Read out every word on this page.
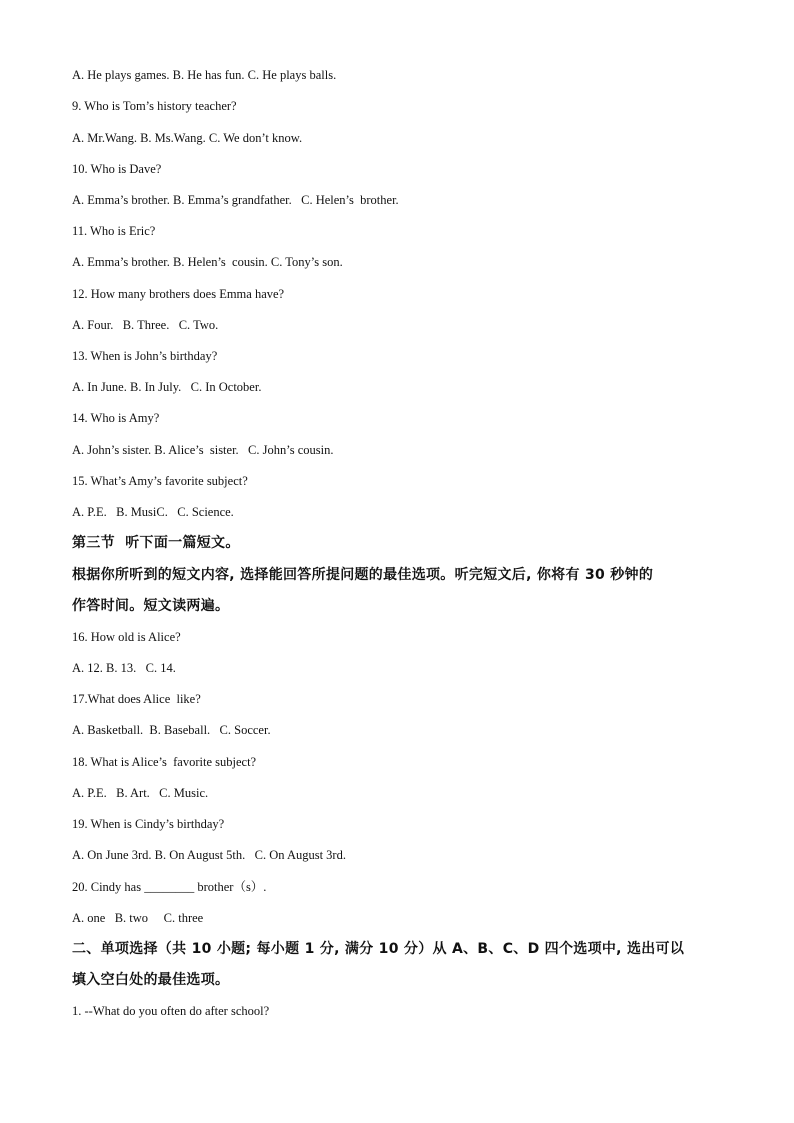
A. He plays games. B. He has fun. C. He plays balls.
9. Who is Tom’s history teacher?
A. Mr.Wang. B. Ms.Wang. C. We don’t know.
10. Who is Dave?
A. Emma’s brother. B. Emma’s grandfather.   C. Helen’s  brother.
11. Who is Eric?
A. Emma’s brother. B. Helen’s  cousin. C. Tony’s son.
12. How many brothers does Emma have?
A. Four.   B. Three.   C. Two.
13. When is John’s birthday?
A. In June. B. In July.   C. In October.
14. Who is Amy?
A. John’s sister. B. Alice’s  sister.   C. John’s cousin.
15. What’s Amy’s favorite subject?
A. P.E.   B. MusiC.   C. Science.
第三节  听下面一篇短文。
根据你所听到的短文内容, 选择能回答所提问题的最佳选项。听完短文后, 你将有 30 秒钟的
作答时间。短文读两遍。
16. How old is Alice?
A. 12. B. 13.   C. 14.
17.What does Alice  like?
A. Basketball.  B. Baseball.   C. Soccer.
18. What is Alice’s  favorite subject?
A. P.E.   B. Art.   C. Music.
19. When is Cindy’s birthday?
A. On June 3rd. B. On August 5th.   C. On August 3rd.
20. Cindy has ________ brother（s）.
A. one   B. two     C. three
二、单项选择（共 10 小题; 每小题 1 分, 满分 10 分）从 A、B、C、D 四个选项中, 选出可以
填入空白处的最佳选项。
1. --What do you often do after school?
